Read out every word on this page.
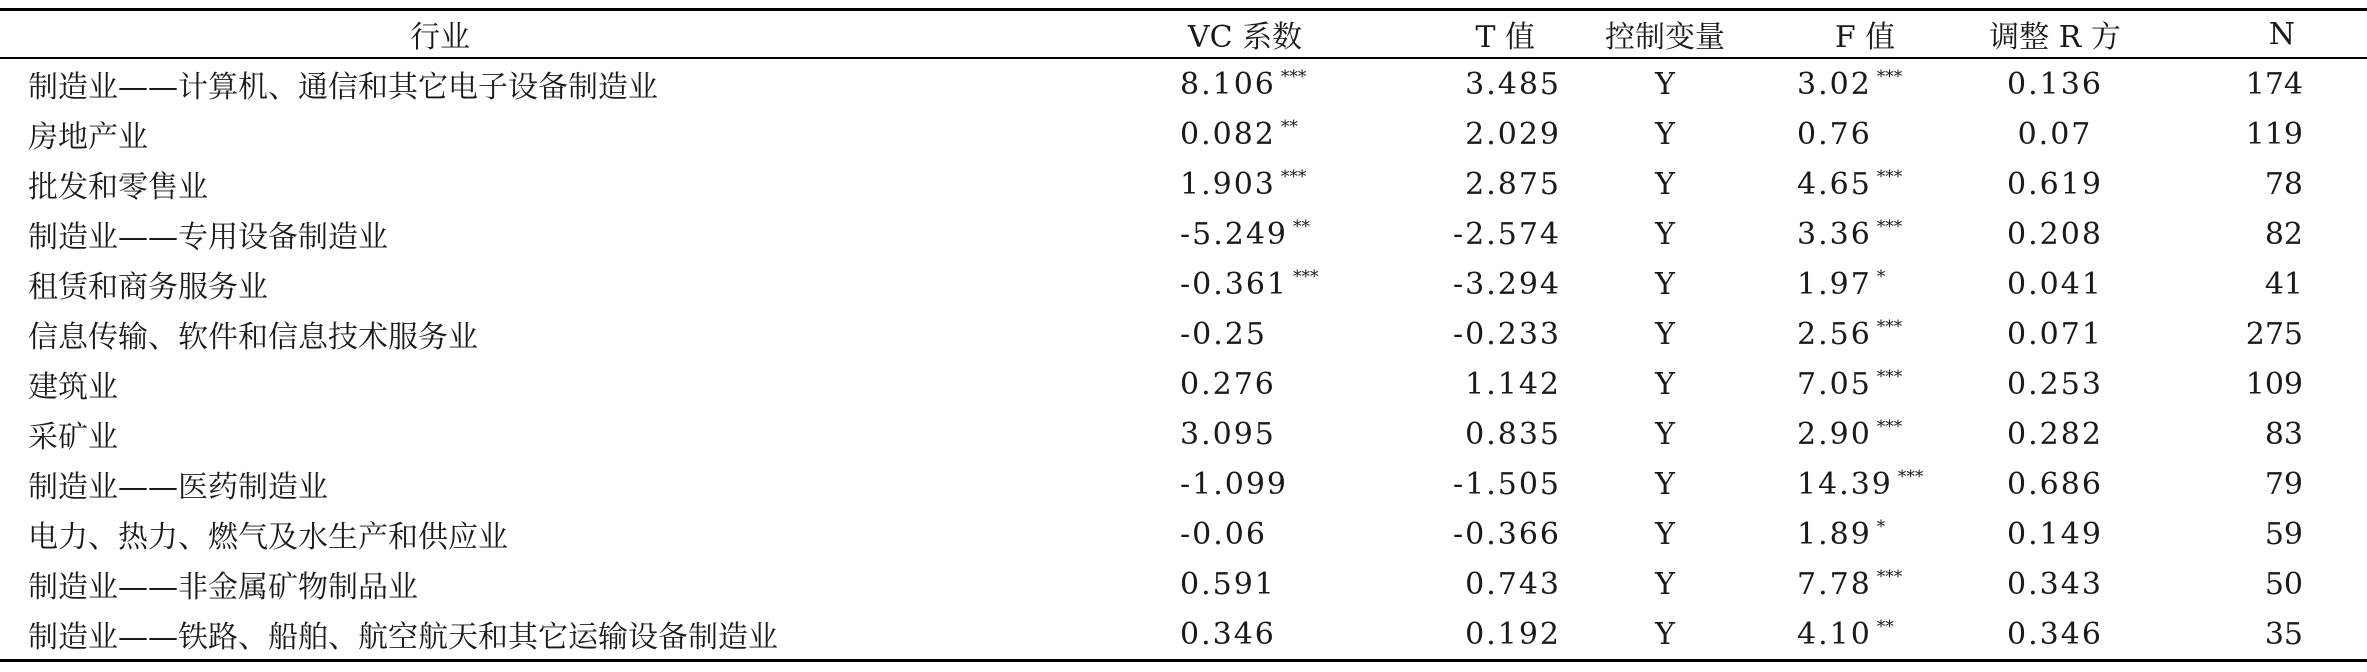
行业	VC 系数	T 值	控制变量	F 值	调整 R 方	N
制造业——计算机、通信和其它电子设备制造业	8.106 ***	3.485	Y	3.02 ***	0.136	174
房地产业	0.082 **	2.029	Y	0.76	0.07	119
批发和零售业	1.903 ***	2.875	Y	4.65 ***	0.619	78
制造业——专用设备制造业	-5.249 **	-2.574	Y	3.36 ***	0.208	82
租赁和商务服务业	-0.361 ***	-3.294	Y	1.97 *	0.041	41
信息传输、软件和信息技术服务业	-0.25	-0.233	Y	2.56 ***	0.071	275
建筑业	0.276	1.142	Y	7.05 ***	0.253	109
采矿业	3.095	0.835	Y	2.90 ***	0.282	83
制造业——医药制造业	-1.099	-1.505	Y	14.39 ***	0.686	79
电力、热力、燃气及水生产和供应业	-0.06	-0.366	Y	1.89 *	0.149	59
制造业——非金属矿物制品业	0.591	0.743	Y	7.78 ***	0.343	50
制造业——铁路、船舶、航空航天和其它运输设备制造业	0.346	0.192	Y	4.10 **	0.346	35
